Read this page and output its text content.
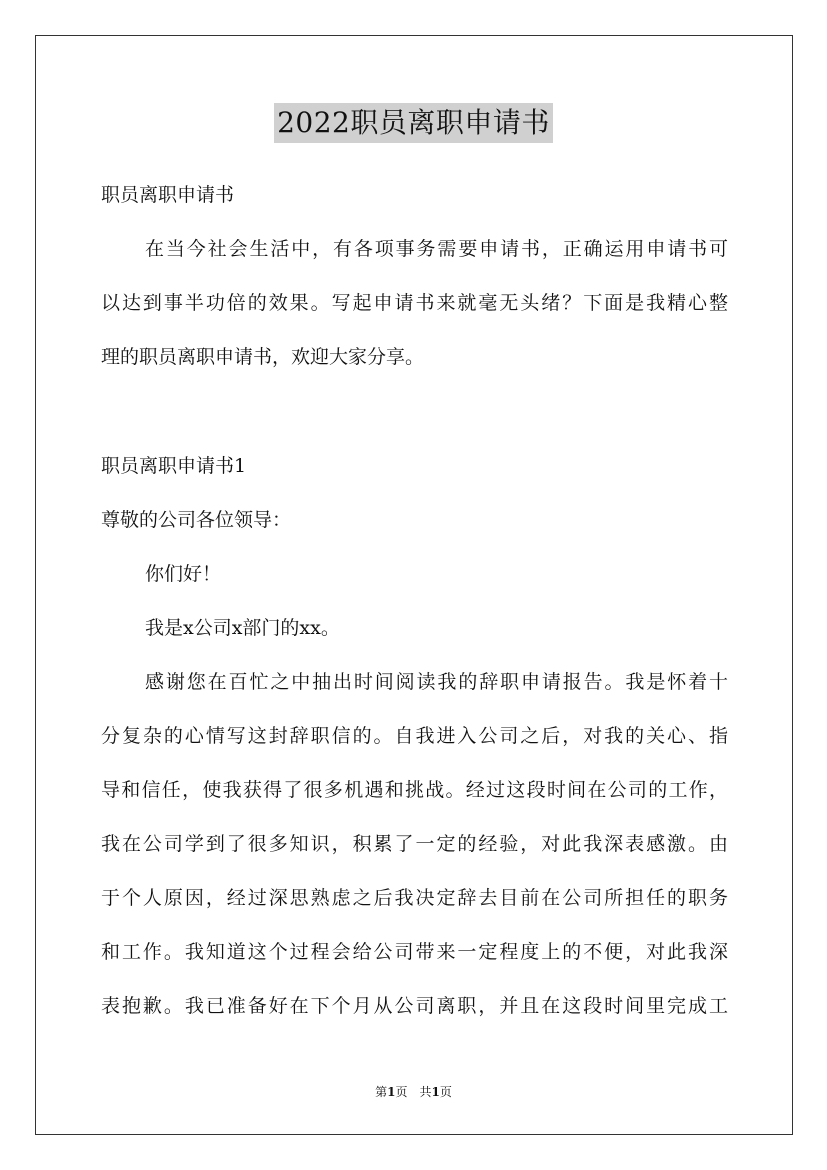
2022职员离职申请书
职员离职申请书
在当今社会生活中，有各项事务需要申请书，正确运用申请书可
以达到事半功倍的效果。写起申请书来就毫无头绪？下面是我精心整
理的职员离职申请书，欢迎大家分享。
职员离职申请书1
尊敬的公司各位领导：
你们好！
我是x公司x部门的xx。
感谢您在百忙之中抽出时间阅读我的辞职申请报告。我是怀着十
分复杂的心情写这封辞职信的。自我进入公司之后，对我的关心、指
导和信任，使我获得了很多机遇和挑战。经过这段时间在公司的工作，
我在公司学到了很多知识，积累了一定的经验，对此我深表感激。由
于个人原因，经过深思熟虑之后我决定辞去目前在公司所担任的职务
和工作。我知道这个过程会给公司带来一定程度上的不便，对此我深
表抱歉。我已准备好在下个月从公司离职，并且在这段时间里完成工
第1页　共1页
